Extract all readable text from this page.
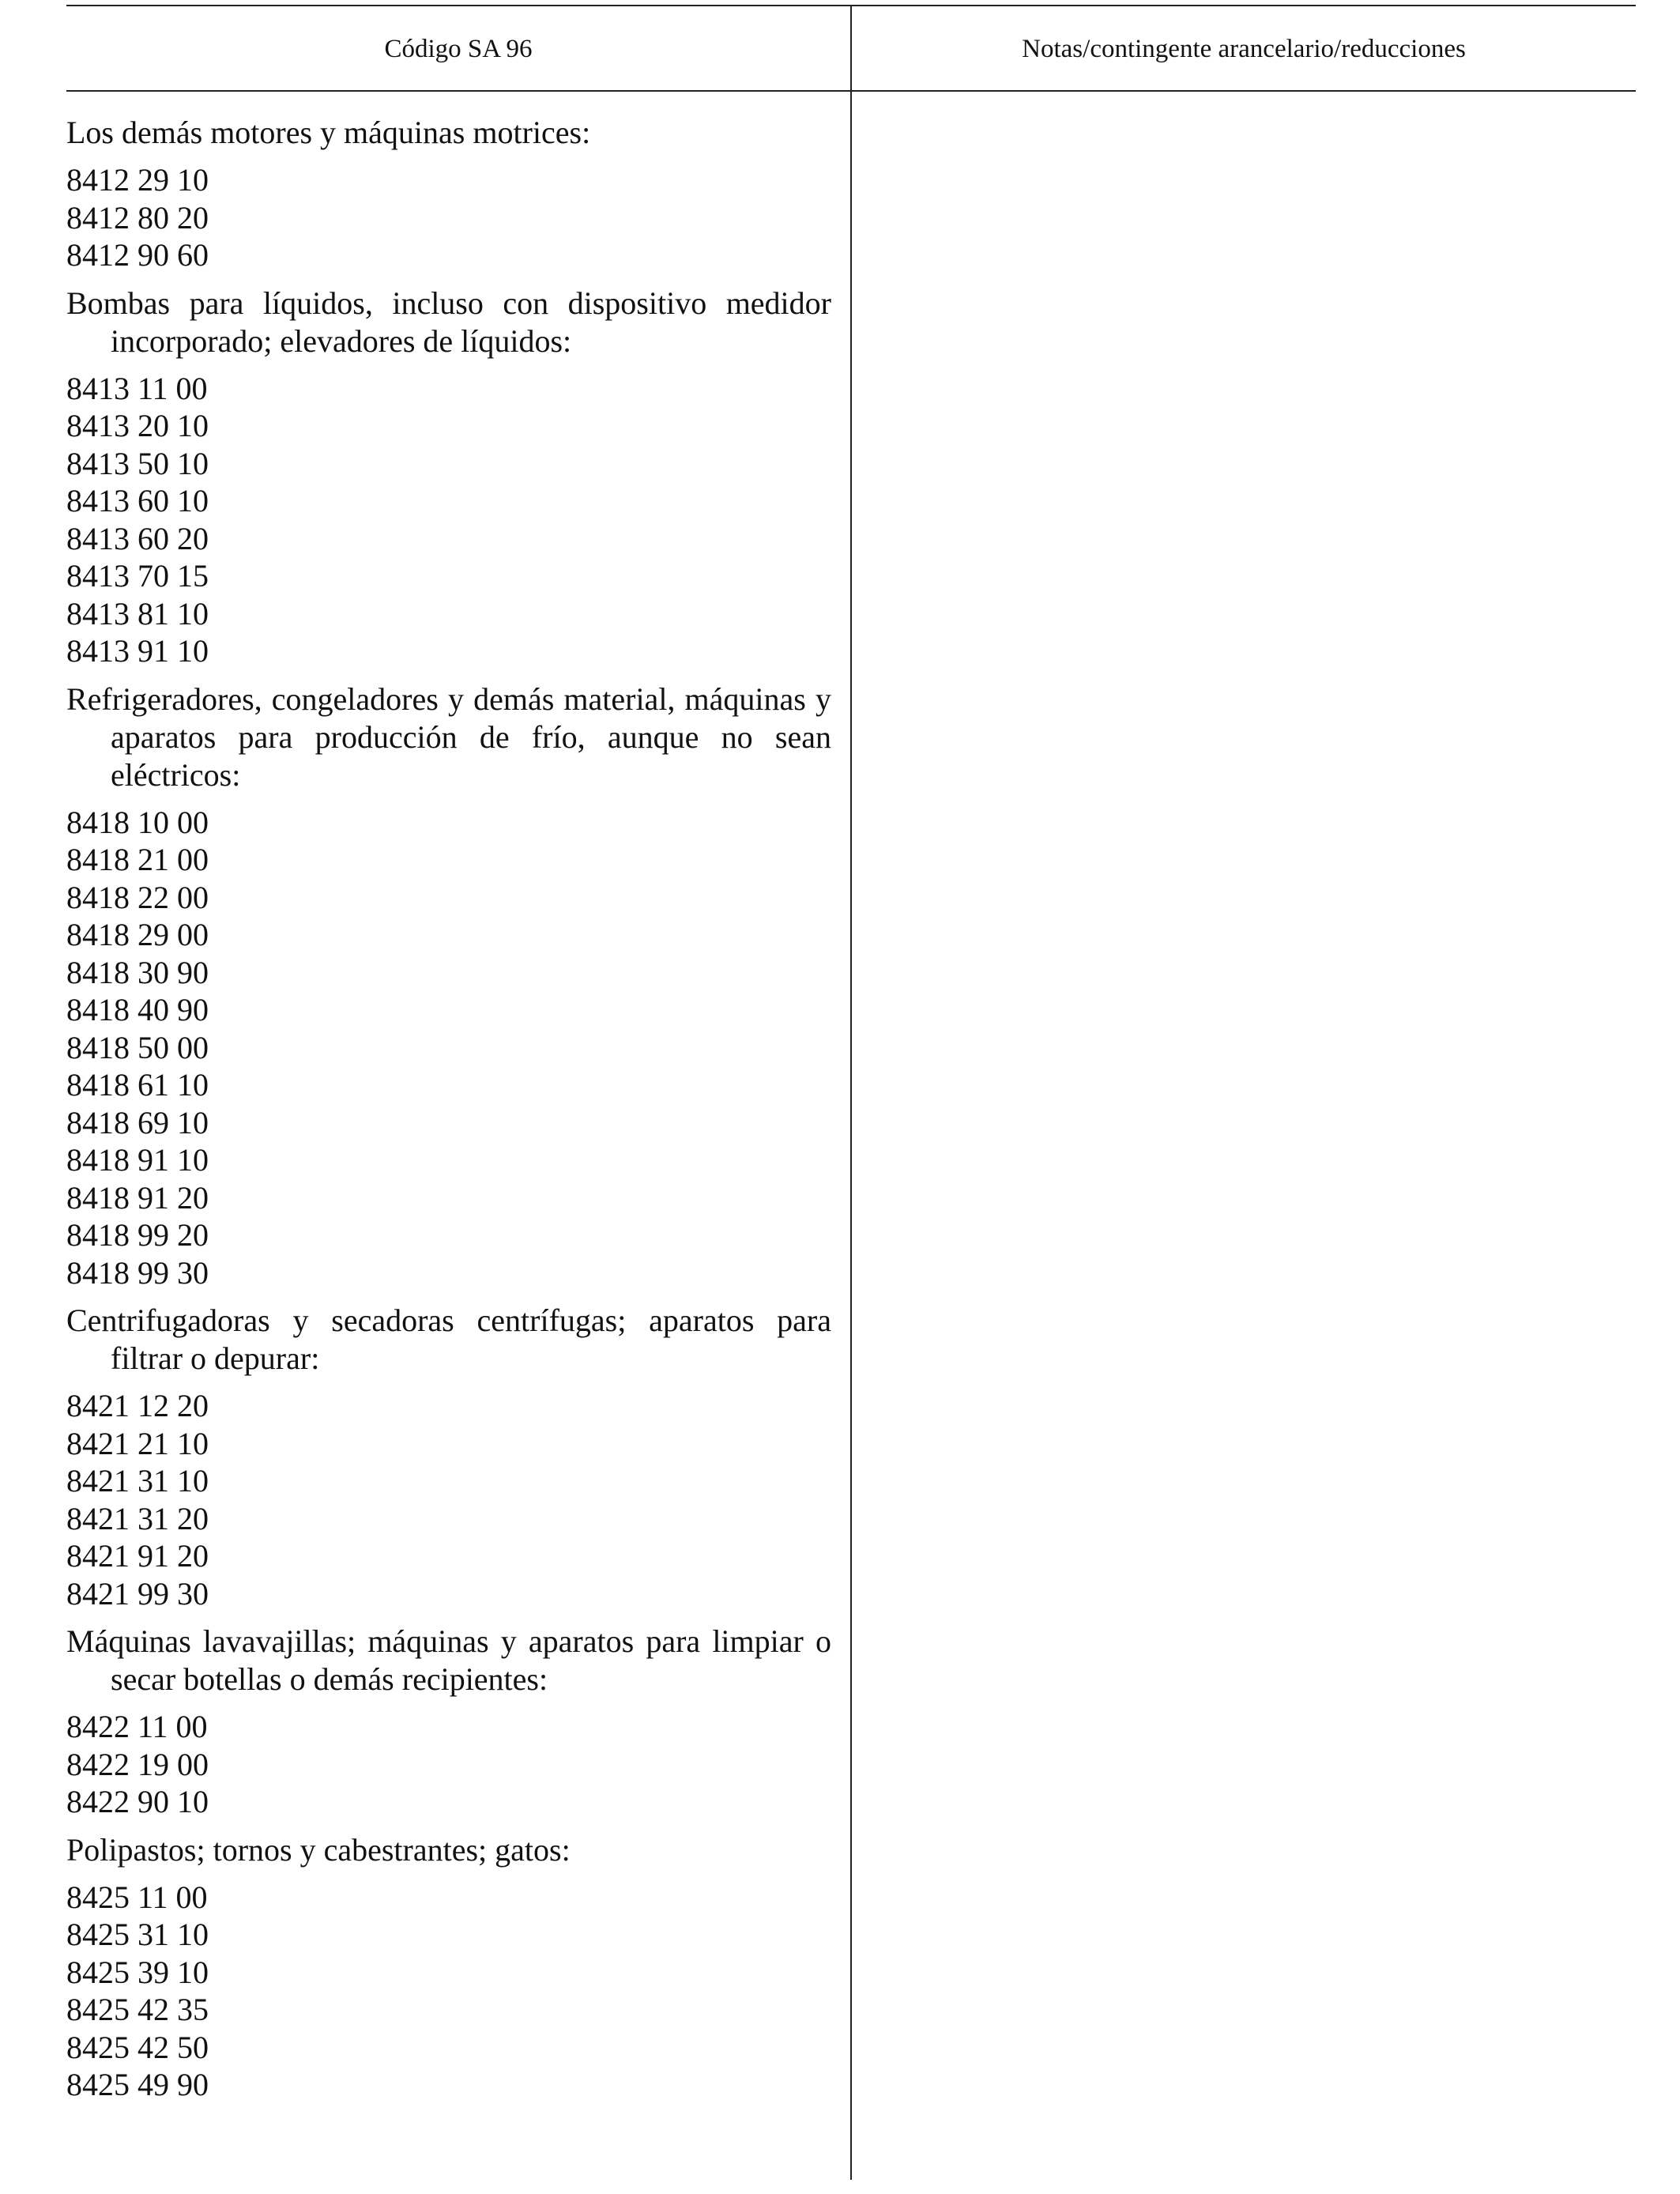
Código SA 96	Notas/contingente arancelario/reducciones
Los demás motores y máquinas motrices:
8412 29 10
8412 80 20
8412 90 60
Bombas para líquidos, incluso con dispositivo medidor incorporado; elevadores de líquidos:
8413 11 00
8413 20 10
8413 50 10
8413 60 10
8413 60 20
8413 70 15
8413 81 10
8413 91 10
Refrigeradores, congeladores y demás material, máquinas y aparatos para producción de frío, aunque no sean eléctricos:
8418 10 00
8418 21 00
8418 22 00
8418 29 00
8418 30 90
8418 40 90
8418 50 00
8418 61 10
8418 69 10
8418 91 10
8418 91 20
8418 99 20
8418 99 30
Centrifugadoras y secadoras centrífugas; aparatos para filtrar o depurar:
8421 12 20
8421 21 10
8421 31 10
8421 31 20
8421 91 20
8421 99 30
Máquinas lavavajillas; máquinas y aparatos para limpiar o secar botellas o demás recipientes:
8422 11 00
8422 19 00
8422 90 10
Polipastos; tornos y cabestrantes; gatos:
8425 11 00
8425 31 10
8425 39 10
8425 42 35
8425 42 50
8425 49 90
